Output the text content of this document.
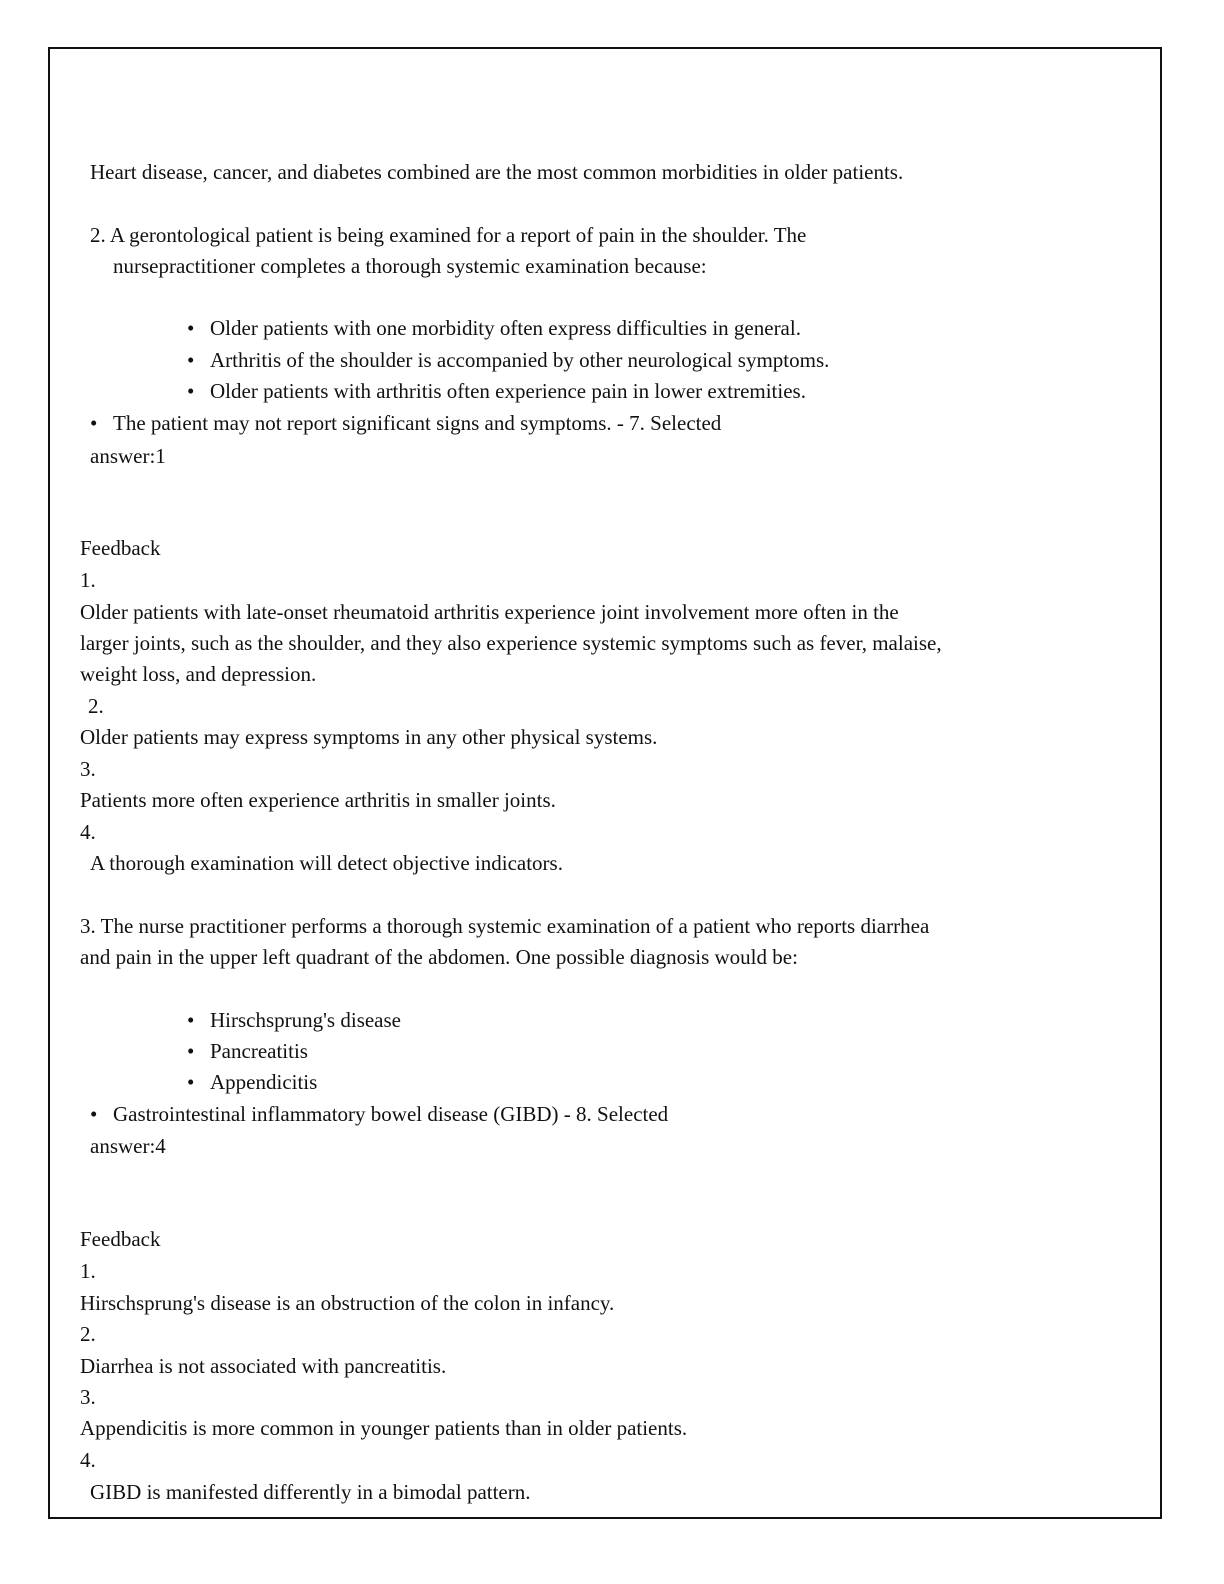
Heart disease, cancer, and diabetes combined are the most common morbidities in older patients.
2. A gerontological patient is being examined for a report of pain in the shoulder. The
nursepractitioner completes a thorough systemic examination because:
• Older patients with one morbidity often express difficulties in general.
• Arthritis of the shoulder is accompanied by other neurological symptoms.
• Older patients with arthritis often experience pain in lower extremities.
• The patient may not report significant signs and symptoms. - 7. Selected
answer:1
Feedback
1.
Older patients with late-onset rheumatoid arthritis experience joint involvement more often in the
larger joints, such as the shoulder, and they also experience systemic symptoms such as fever, malaise,
weight loss, and depression.
2.
Older patients may express symptoms in any other physical systems.
3.
Patients more often experience arthritis in smaller joints.
4.
A thorough examination will detect objective indicators.
3. The nurse practitioner performs a thorough systemic examination of a patient who reports diarrhea
and pain in the upper left quadrant of the abdomen. One possible diagnosis would be:
• Hirschsprung's disease
• Pancreatitis
• Appendicitis
• Gastrointestinal inflammatory bowel disease (GIBD) - 8. Selected
answer:4
Feedback
1.
Hirschsprung's disease is an obstruction of the colon in infancy.
2.
Diarrhea is not associated with pancreatitis.
3.
Appendicitis is more common in younger patients than in older patients.
4.
GIBD is manifested differently in a bimodal pattern.
